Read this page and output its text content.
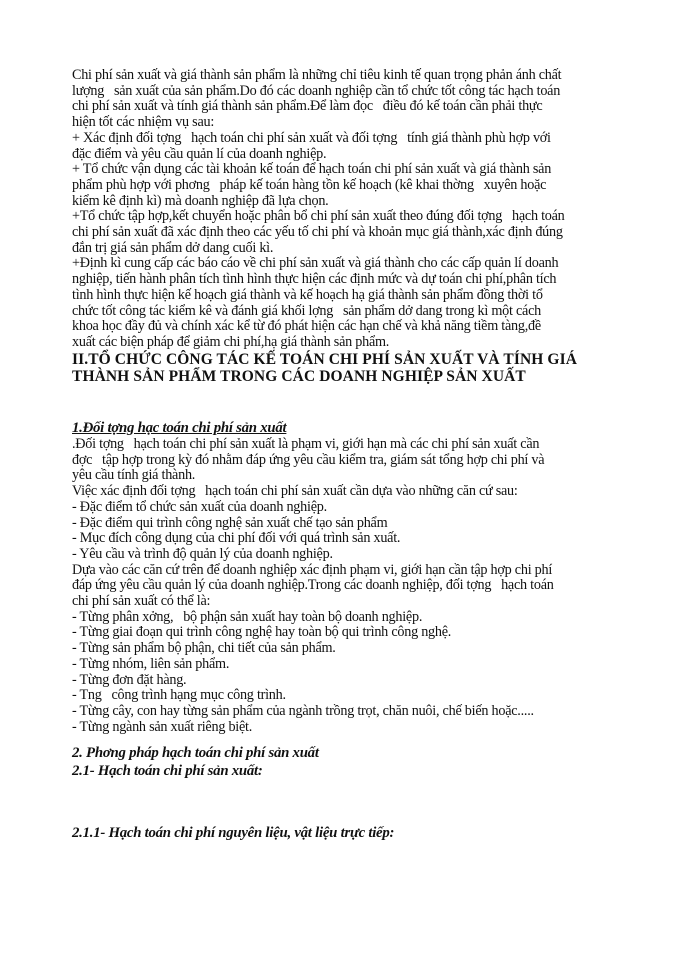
Chi phí sản xuất và giá thành sản phẩm là những chỉ tiêu kinh tế quan trọng phản ánh chất
lượng   sản xuất của sản phẩm.Do đó các doanh nghiệp cần tổ chức tốt công tác hạch toán
chi phí sản xuất và tính giá thành sản phẩm.Để làm đọc   điều đó kế toán cần phải thực
hiện tốt các nhiệm vụ sau:
+ Xác định đối tợng   hạch toán chi phí sản xuất và đối tợng   tính giá thành phù hợp với
đặc điểm và yêu cầu quản lí của doanh nghiệp.
+ Tổ chức vận dụng các tài khoản kế toán để hạch toán chi phí sản xuất và giá thành sản
phẩm phù hợp với phơng   pháp kế toán hàng tồn kế hoạch (kê khai thờng   xuyên hoặc
kiểm kê định kì) mà doanh nghiệp đã lựa chọn.
+Tổ chức tập hợp,kết chuyển hoặc phân bổ chi phí sản xuất theo đúng đối tợng   hạch toán
chi phí sản xuất đã xác định theo các yếu tố chi phí và khoản mục giá thành,xác định đúng
đắn trị giá sản phẩm dở dang cuối kì.
+Định kì cung cấp các báo cáo về chi phí sản xuất và giá thành cho các cấp quản lí doanh
nghiệp, tiến hành phân tích tình hình thực hiện các định mức và dự toán chi phí,phân tích
tình hình thực hiện kế hoạch giá thành và kế hoạch hạ giá thành sản phẩm đồng thời tổ
chức tốt công tác kiểm kê và đánh giá khối lợng   sản phẩm dở dang trong kì một cách
khoa học đầy đủ và chính xác kể từ đó phát hiện các hạn chế và khả năng tiềm tàng,đề
xuất các biện pháp để giảm chi phí,hạ giá thành sản phẩm.
II.TỔ CHỨC CÔNG TÁC KẾ TOÁN CHI PHÍ SẢN XUẤT VÀ TÍNH GIÁ
THÀNH SẢN PHẨM TRONG CÁC DOANH NGHIỆP SẢN XUẤT

1.Đối tợng hạc toán chi phí sản xuất

.Đối tợng   hạch toán chi phí sản xuất là phạm vi, giới hạn mà các chi phí sản xuất cần
đợc   tập hợp trong kỳ đó nhằm đáp ứng yêu cầu kiểm tra, giám sát tổng hợp chi phí và
yêu cầu tính giá thành.
Việc xác định đối tợng   hạch toán chi phí sản xuất cần dựa vào những căn cứ sau:
- Đặc điểm tổ chức sản xuất của doanh nghiệp.
- Đặc điểm qui trình công nghệ sản xuất chế tạo sản phẩm
- Mục đích công dụng của chi phí đối với quá trình sản xuất.
- Yêu cầu và trình độ quản lý của doanh nghiệp.
Dựa vào các căn cứ trên để doanh nghiệp xác định phạm vi, giới hạn cần tập hợp chi phí
đáp ứng yêu cầu quản lý của doanh nghiệp.Trong các doanh nghiệp, đối tợng   hạch toán
chi phí sản xuất có thể là:
- Từng phân xởng,   bộ phận sản xuất hay toàn bộ doanh nghiệp.
- Từng giai đoạn qui trình công nghệ hay toàn bộ qui trình công nghệ.
- Từng sản phẩm bộ phận, chi tiết của sản phẩm.
- Từng nhóm, liên sản phẩm.
- Từng đơn đặt hàng.
- Tng   công trình hạng mục công trình.
- Từng cây, con hay từng sản phẩm của ngành trồng trọt, chăn nuôi, chế biến hoặc.....
- Từng ngành sản xuất riêng biệt.

2. Phơng pháp hạch toán chi phí sản xuất

2.1- Hạch toán chi phí sản xuất:

2.1.1- Hạch toán chi phí nguyên liệu, vật liệu trực tiếp:
